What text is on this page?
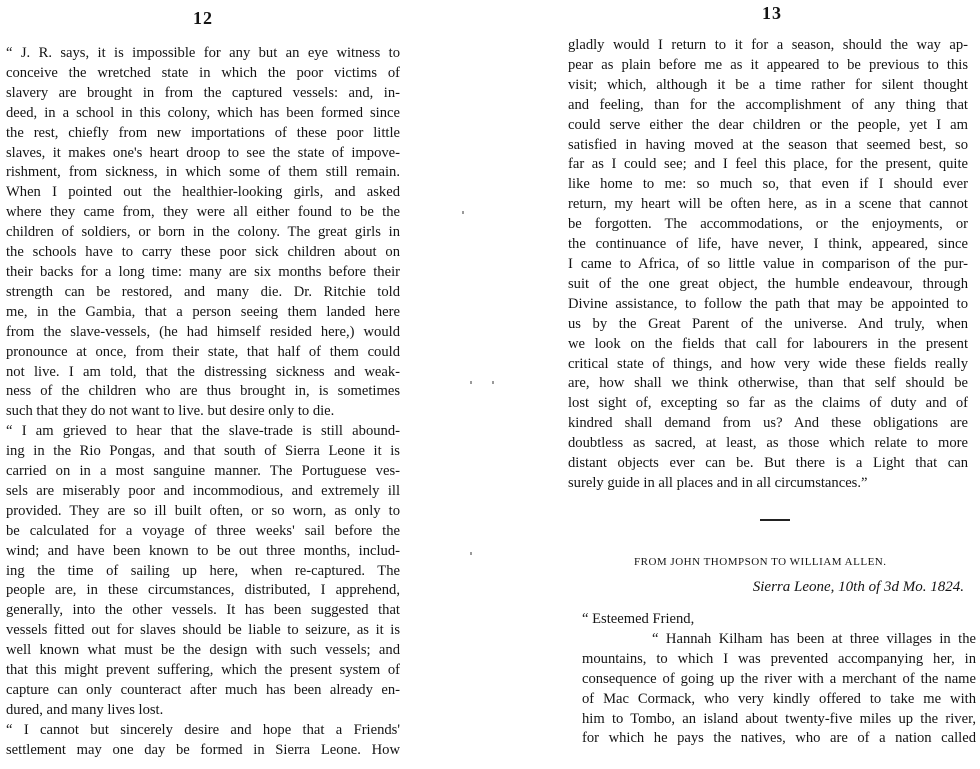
12
“ J. R. says, it is impossible for any but an eye witness to
conceive the wretched state in which the poor victims of
slavery are brought in from the captured vessels: and, in-
deed, in a school in this colony, which has been formed since
the rest, chiefly from new importations of these poor little
slaves, it makes one's heart droop to see the state of impove-
rishment, from sickness, in which some of them still remain.
When I pointed out the healthier-looking girls, and asked
where they came from, they were all either found to be the
children of soldiers, or born in the colony. The great girls in
the schools have to carry these poor sick children about on
their backs for a long time: many are six months before their
strength can be restored, and many die. Dr. Ritchie told
me, in the Gambia, that a person seeing them landed here
from the slave-vessels, (he had himself resided here,) would
pronounce at once, from their state, that half of them could
not live. I am told, that the distressing sickness and weak-
ness of the children who are thus brought in, is sometimes
such that they do not want to live. but desire only to die.
“ I am grieved to hear that the slave-trade is still abound-
ing in the Rio Pongas, and that south of Sierra Leone it is
carried on in a most sanguine manner. The Portuguese ves-
sels are miserably poor and incommodious, and extremely ill
provided. They are so ill built often, or so worn, as only to
be calculated for a voyage of three weeks' sail before the
wind; and have been known to be out three months, includ-
ing the time of sailing up here, when re-captured. The
people are, in these circumstances, distributed, I apprehend,
generally, into the other vessels. It has been suggested that
vessels fitted out for slaves should be liable to seizure, as it is
well known what must be the design with such vessels; and
that this might prevent suffering, which the present system of
capture can only counteract after much has been already en-
dured, and many lives lost.
“ I cannot but sincerely desire and hope that a Friends'
settlement may one day be formed in Sierra Leone. How
13
gladly would I return to it for a season, should the way ap-
pear as plain before me as it appeared to be previous to this
visit; which, although it be a time rather for silent thought
and feeling, than for the accomplishment of any thing that
could serve either the dear children or the people, yet I am
satisfied in having moved at the season that seemed best, so
far as I could see; and I feel this place, for the present, quite
like home to me: so much so, that even if I should ever
return, my heart will be often here, as in a scene that cannot
be forgotten. The accommodations, or the enjoyments, or
the continuance of life, have never, I think, appeared, since
I came to Africa, of so little value in comparison of the pur-
suit of the one great object, the humble endeavour, through
Divine assistance, to follow the path that may be appointed to
us by the Great Parent of the universe. And truly, when
we look on the fields that call for labourers in the present
critical state of things, and how very wide these fields really
are, how shall we think otherwise, than that self should be
lost sight of, excepting so far as the claims of duty and of
kindred shall demand from us? And these obligations are
doubtless as sacred, at least, as those which relate to more
distant objects ever can be. But there is a Light that can
surely guide in all places and in all circumstances.”
FROM JOHN THOMPSON TO WILLIAM ALLEN.
Sierra Leone, 10th of 3d Mo. 1824.
“ Esteemed Friend,
“ Hannah Kilham has been at three villages in the
mountains, to which I was prevented accompanying her, in
consequence of going up the river with a merchant of the name
of Mac Cormack, who very kindly offered to take me with
him to Tombo, an island about twenty-five miles up the river,
for which he pays the natives, who are of a nation called
